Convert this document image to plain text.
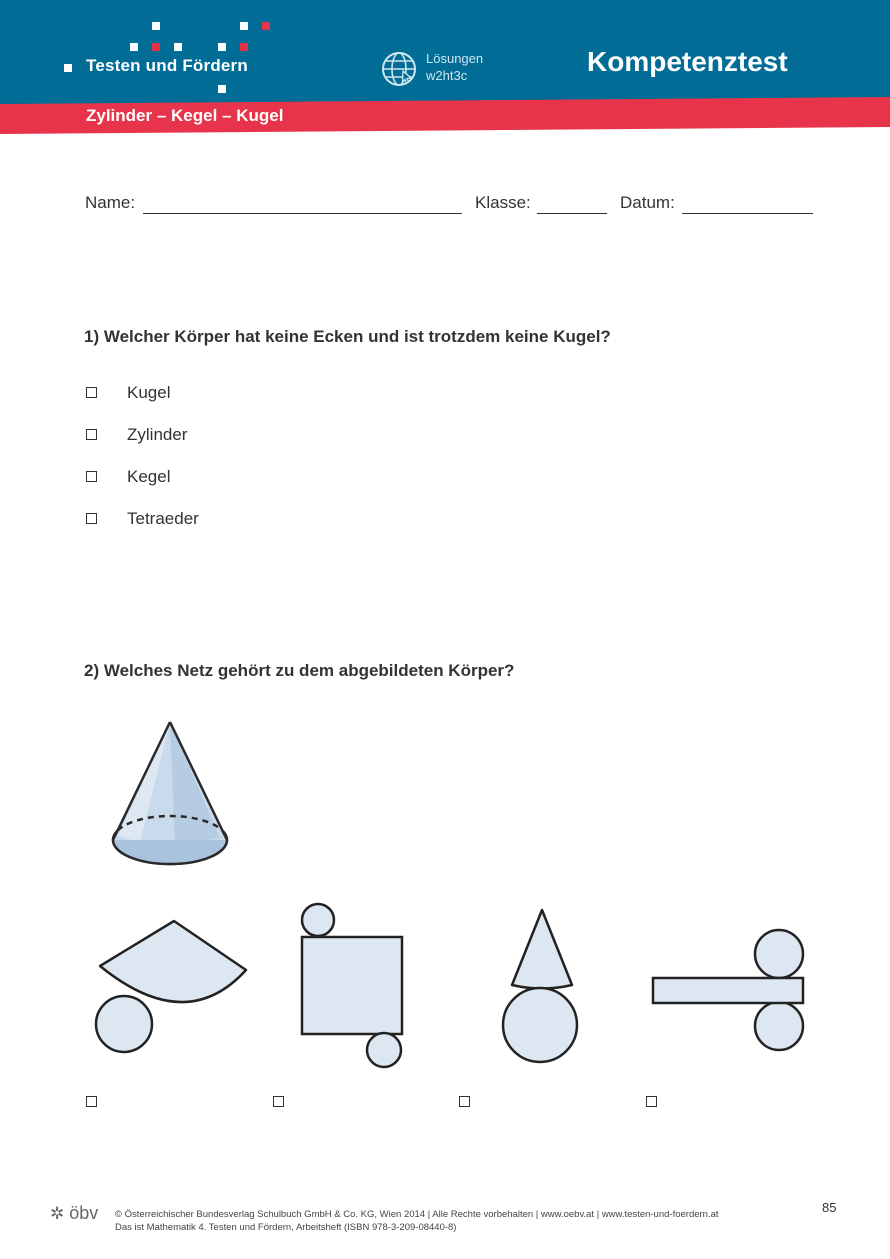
Testen und Fördern	Lösungen
w2ht3c	Kompetenztest
Zylinder – Kegel – Kugel
Name:	Klasse:	Datum:
1) Welcher Körper hat keine Ecken und ist trotzdem keine Kugel?
Kugel
Zylinder
Kegel
Tetraeder
2) Welches Netz gehört zu dem abgebildeten Körper?
✲ öbv © Österreichischer Bundesverlag Schulbuch GmbH & Co. KG, Wien 2014 | Alle Rechte vorbehalten | www.oebv.at | www.testen-und-foerdern.at
Das ist Mathematik 4. Testen und Fördern, Arbeitsheft (ISBN 978-3-209-08440-8)
85
